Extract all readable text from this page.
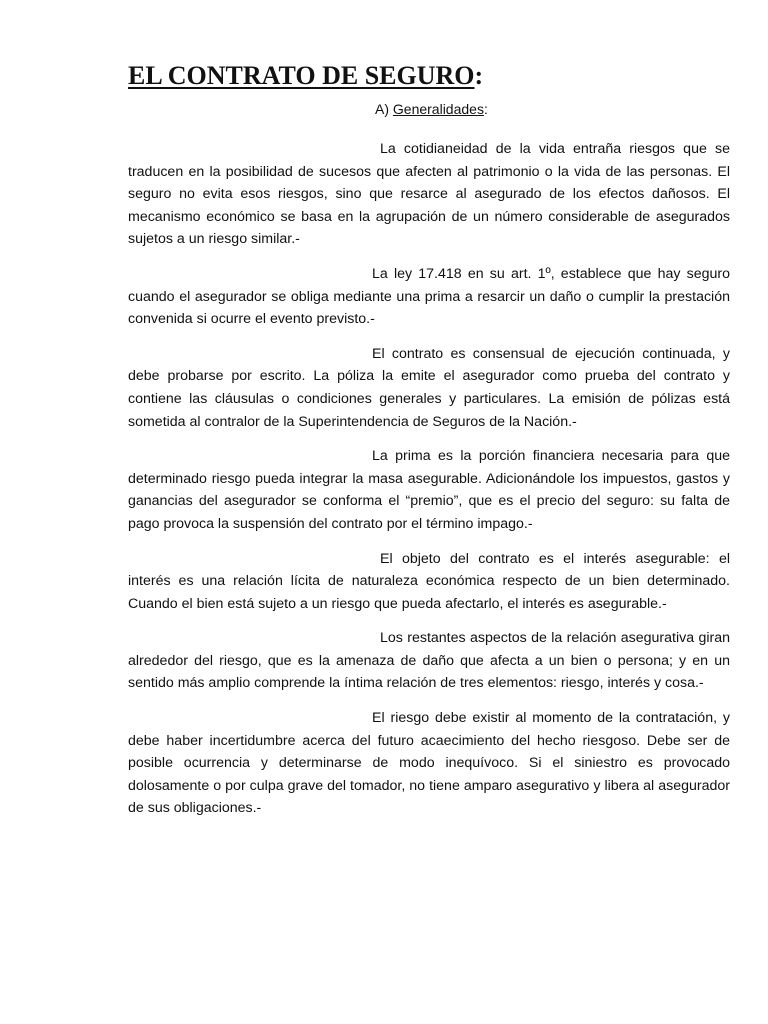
EL CONTRATO DE SEGURO:
A) Generalidades:

La cotidianeidad de la vida entraña riesgos que se traducen en la posibilidad de sucesos que afecten al patrimonio o la vida de las personas. El seguro no evita esos riesgos, sino que resarce al asegurado de los efectos dañosos. El mecanismo económico se basa en la agrupación de un número considerable de asegurados sujetos a un riesgo similar.-

La ley 17.418 en su art. 1º, establece que hay seguro cuando el asegurador se obliga mediante una prima a resarcir un daño o cumplir la prestación convenida si ocurre el evento previsto.-

El contrato es consensual de ejecución continuada, y debe probarse por escrito. La póliza la emite el asegurador como prueba del contrato y contiene las cláusulas o condiciones generales y particulares. La emisión de pólizas está sometida al contralor de la Superintendencia de Seguros de la Nación.-

La prima es la porción financiera necesaria para que determinado riesgo pueda integrar la masa asegurable. Adicionándole los impuestos, gastos y ganancias del asegurador se conforma el “premio”, que es el precio del seguro: su falta de pago provoca la suspensión del contrato por el término impago.-

El objeto del contrato es el interés asegurable: el interés es una relación lícita de naturaleza económica respecto de un bien determinado. Cuando el bien está sujeto a un riesgo que pueda afectarlo, el interés es asegurable.-

Los restantes aspectos de la relación asegurativa giran alrededor del riesgo, que es la amenaza de daño que afecta a un bien o persona; y en un sentido más amplio comprende la íntima relación de tres elementos: riesgo, interés y cosa.-

El riesgo debe existir al momento de la contratación, y debe haber incertidumbre acerca del futuro acaecimiento del hecho riesgoso. Debe ser de posible ocurrencia y determinarse de modo inequívoco. Si el siniestro es provocado dolosamente o por culpa grave del tomador, no tiene amparo asegurativo y libera al asegurador de sus obligaciones.-
